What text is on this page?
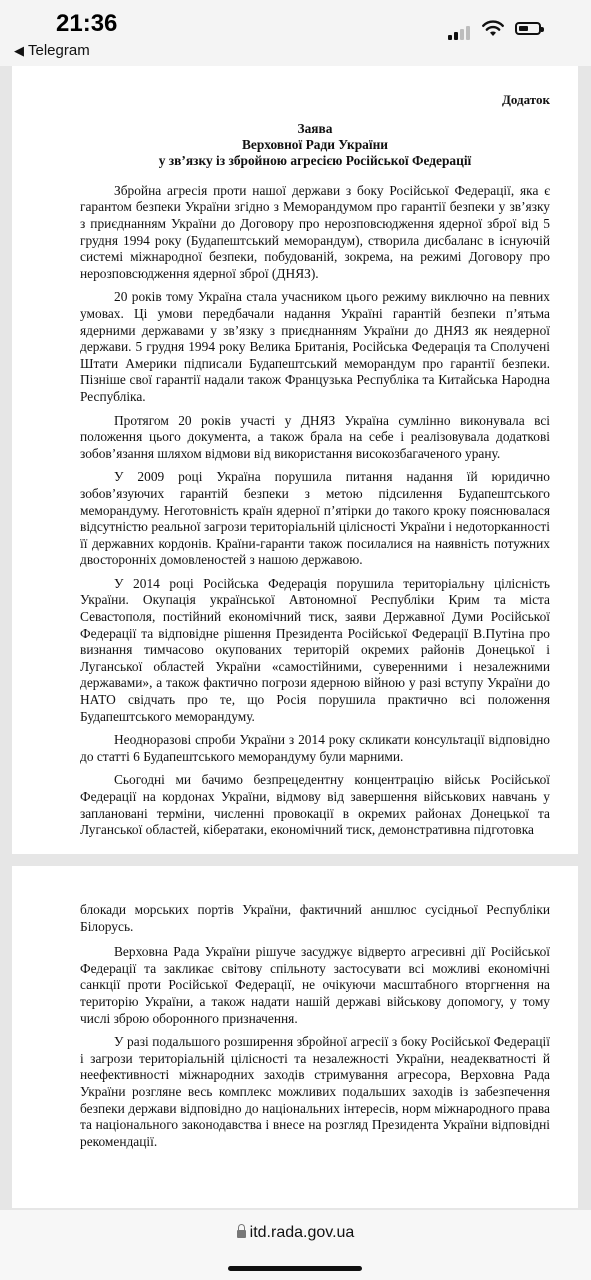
21:36
◀ Telegram
Додаток
Заява
Верховної Ради України
у зв’язку із збройною агресією Російської Федерації

Збройна агресія проти нашої держави з боку Російської Федерації, яка є гарантом безпеки України згідно з Меморандумом про гарантії безпеки у зв’язку з приєднанням України до Договору про нерозповсюдження ядерної зброї від 5 грудня 1994 року (Будапештський меморандум), створила дисбаланс в існуючій системі міжнародної безпеки, побудованій, зокрема, на режимі Договору про нерозповсюдження ядерної зброї (ДНЯЗ).

20 років тому Україна стала учасником цього режиму виключно на певних умовах. Ці умови передбачали надання Україні гарантій безпеки п’ятьма ядерними державами у зв’язку з приєднанням України до ДНЯЗ як неядерної держави. 5 грудня 1994 року Велика Британія, Російська Федерація та Сполучені Штати Америки підписали Будапештський меморандум про гарантії безпеки. Пізніше свої гарантії надали також Французька Республіка та Китайська Народна Республіка.

Протягом 20 років участі у ДНЯЗ Україна сумлінно виконувала всі положення цього документа, а також брала на себе і реалізовувала додаткові зобов’язання шляхом відмови від використання високозбагаченого урану.

У 2009 році Україна порушила питання надання їй юридично зобов’язуючих гарантій безпеки з метою підсилення Будапештського меморандуму. Неготовність країн ядерної п’ятірки до такого кроку пояснювалася відсутністю реальної загрози територіальній цілісності України і недоторканності її державних кордонів. Країни-гаранти також посилалися на наявність потужних двосторонніх домовленостей з нашою державою.

У 2014 році Російська Федерація порушила територіальну цілісність України. Окупація української Автономної Республіки Крим та міста Севастополя, постійний економічний тиск, заяви Державної Думи Російської Федерації та відповідне рішення Президента Російської Федерації В.Путіна про визнання тимчасово окупованих територій окремих районів Донецької і Луганської областей України «самостійними, суверенними і незалежними державами», а також фактично погрози ядерною війною у разі вступу України до НАТО свідчать про те, що Росія порушила практично всі положення Будапештського меморандуму.

Неодноразові спроби України з 2014 року скликати консультації відповідно до статті 6 Будапештського меморандуму були марними.

Сьогодні ми бачимо безпрецедентну концентрацію військ Російської Федерації на кордонах України, відмову від завершення військових навчань у заплановані терміни, численні провокації в окремих районах Донецької та Луганської областей, кібератаки, економічний тиск, демонстративна підготовка

блокади морських портів України, фактичний аншлюс сусідньої Республіки Білорусь.

Верховна Рада України рішуче засуджує відверто агресивні дії Російської Федерації та закликає світову спільноту застосувати всі можливі економічні санкції проти Російської Федерації, не очікуючи масштабного вторгнення на територію України, а також надати нашій державі військову допомогу, у тому числі зброю оборонного призначення.

У разі подальшого розширення збройної агресії з боку Російської Федерації і загрози територіальній цілісності та незалежності України, неадекватності й неефективності міжнародних заходів стримування агресора, Верховна Рада України розгляне весь комплекс можливих подальших заходів із забезпечення безпеки держави відповідно до національних інтересів, норм міжнародного права та національного законодавства і внесе на розгляд Президента України відповідні рекомендації.

itd.rada.gov.ua
